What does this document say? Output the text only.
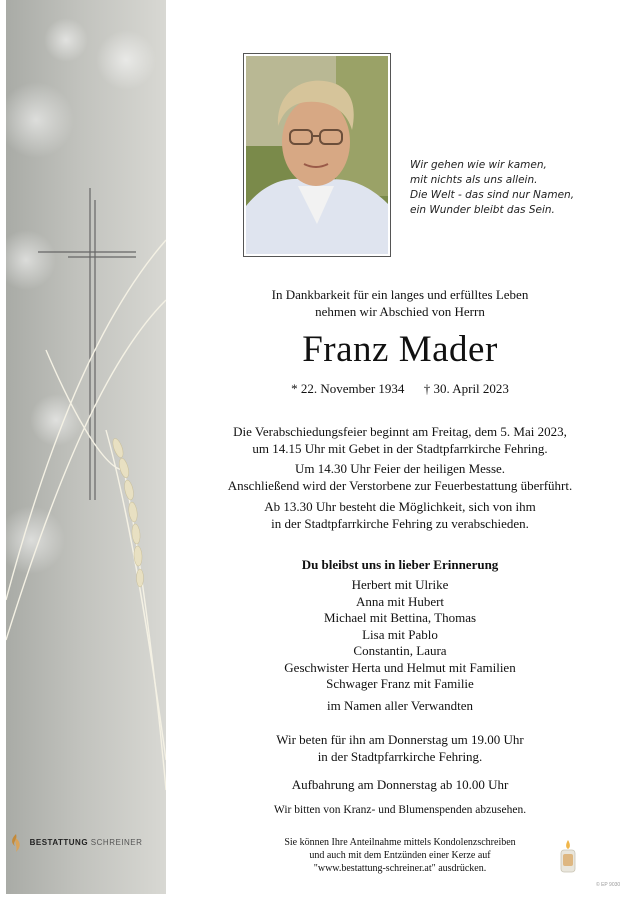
BESTATTUNG SCHREINER
Wir gehen wie wir kamen,
mit nichts als uns allein.
Die Welt - das sind nur Namen,
ein Wunder bleibt das Sein.
In Dankbarkeit für ein langes und erfülltes Leben
nehmen wir Abschied von Herrn
Franz Mader
* 22. November 1934 † 30. April 2023
Die Verabschiedungsfeier beginnt am Freitag, dem 5. Mai 2023,
um 14.15 Uhr mit Gebet in der Stadtpfarrkirche Fehring.
Um 14.30 Uhr Feier der heiligen Messe.
Anschließend wird der Verstorbene zur Feuerbestattung überführt.
Ab 13.30 Uhr besteht die Möglichkeit, sich von ihm
in der Stadtpfarrkirche Fehring zu verabschieden.
Du bleibst uns in lieber Erinnerung
Herbert mit Ulrike
Anna mit Hubert
Michael mit Bettina, Thomas
Lisa mit Pablo
Constantin, Laura
Geschwister Herta und Helmut mit Familien
Schwager Franz mit Familie
im Namen aller Verwandten
Wir beten für ihn am Donnerstag um 19.00 Uhr
in der Stadtpfarrkirche Fehring.
Aufbahrung am Donnerstag ab 10.00 Uhr
Wir bitten von Kranz- und Blumenspenden abzusehen.
Sie können Ihre Anteilnahme mittels Kondolenzschreiben
und auch mit dem Entzünden einer Kerze auf
"www.bestattung-schreiner.at" ausdrücken.
© EP 9030
